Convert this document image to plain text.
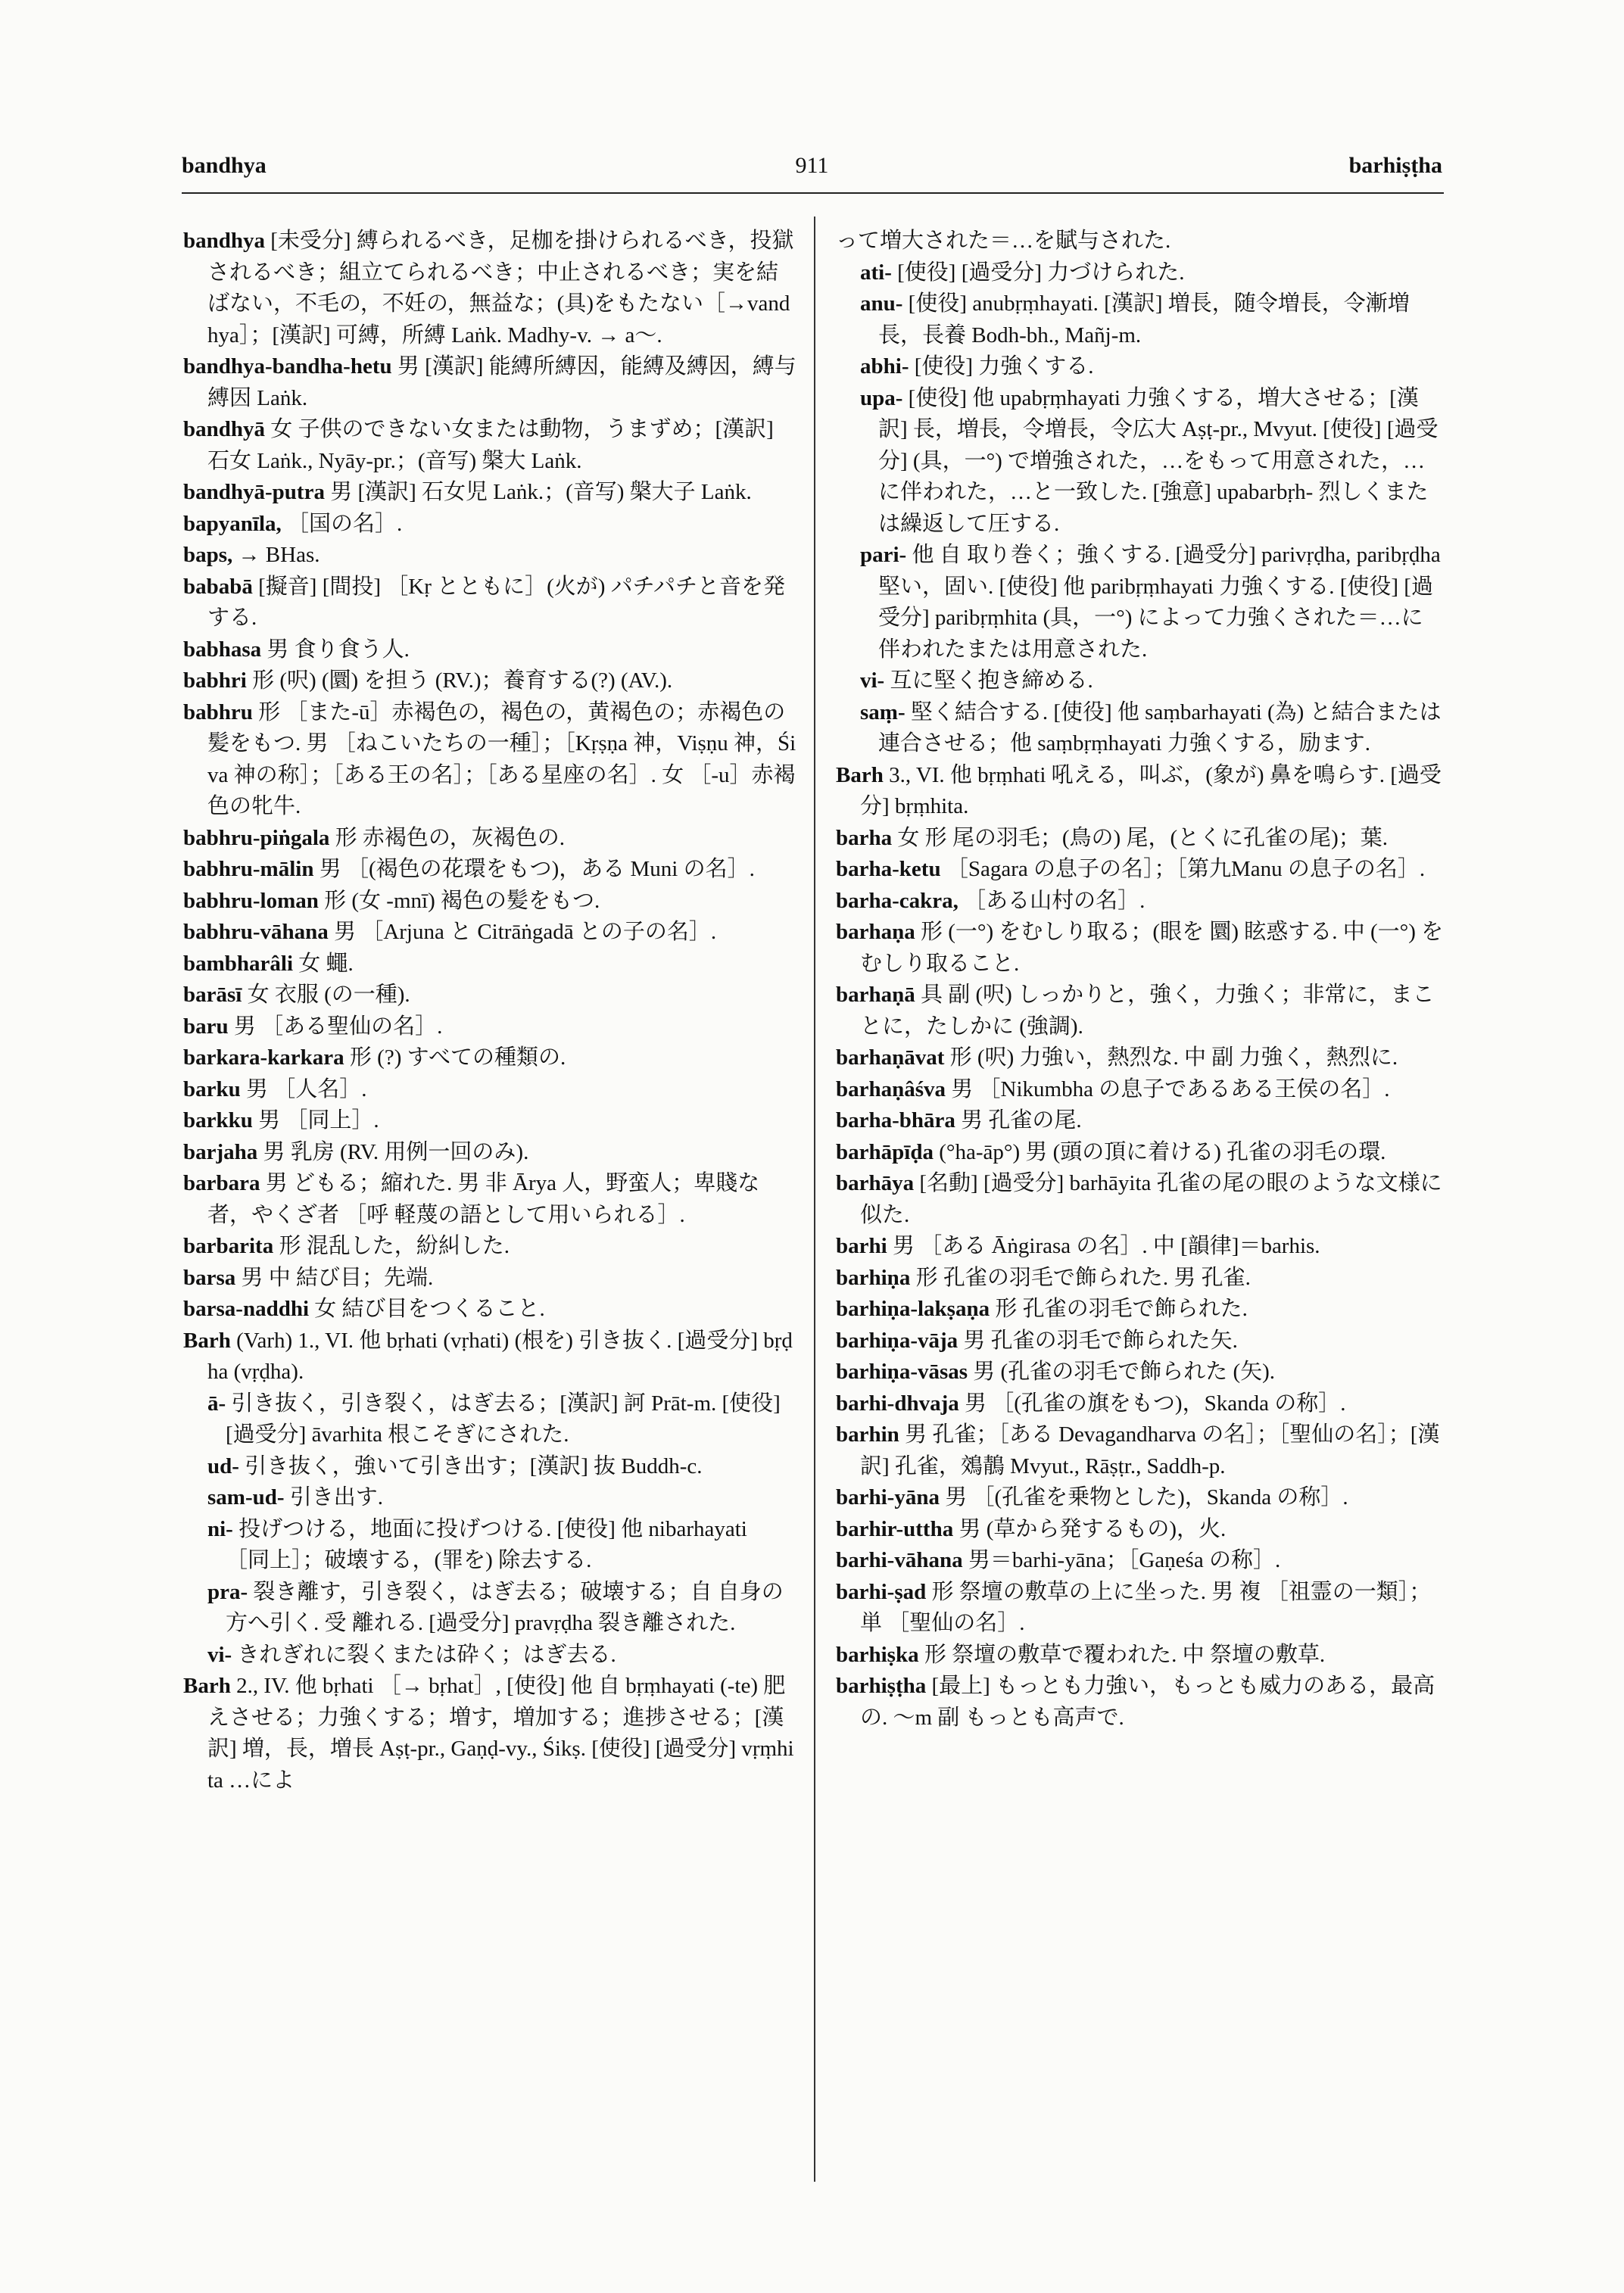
bandhya	911	barhiṣṭha

bandhya [未受分] 縛られるべき，足枷を掛けられるべき，投獄されるべき；組立てられるべき；中止されるべき；実を結ばない，不毛の，不妊の，無益な；(具)をもたない［→vandhya］；[漢訳] 可縛，所縛 Laṅk. Madhy-v. → a～.

bandhya-bandha-hetu 男 [漢訳] 能縛所縛因，能縛及縛因，縛与縛因 Laṅk.

bandhyā 女 子供のできない女または動物，うまずめ；[漢訳] 石女 Laṅk., Nyāy-pr.；(音写) 槃大 Laṅk.

bandhyā-putra 男 [漢訳] 石女児 Laṅk.；(音写) 槃大子 Laṅk.

bapyanīla, ［国の名］.

baps, → BHas.

bababā [擬音] [間投] ［Kṛ とともに］(火が) パチパチと音を発する.

babhasa 男 食り食う人.

babhri 形 (呎) (圜) を担う (RV.)；養育する(?) (AV.).

babhru 形 ［また-ū］赤褐色の，褐色の，黄褐色の；赤褐色の髪をもつ. 男 ［ねこいたちの一種］；［Kṛṣṇa 神，Viṣṇu 神，Śiva 神の称］；［ある王の名］；［ある星座の名］. 女 ［-u］赤褐色の牝牛.

babhru-piṅgala 形 赤褐色の，灰褐色の.

babhru-mālin 男 ［(褐色の花環をもつ)，ある Muni の名］.

babhru-loman 形 (女 -mnī) 褐色の髪をもつ.

babhru-vāhana 男 ［Arjuna と Citrāṅgadā との子の名］.

bambharâli 女 蠅.

barāsī 女 衣服 (の一種).

baru 男 ［ある聖仙の名］.

barkara-karkara 形 (?) すべての種類の.

barku 男 ［人名］.

barkku 男 ［同上］.

barjaha 男 乳房 (RV. 用例一回のみ).

barbara 男 どもる；縮れた. 男 非 Ārya 人，野蛮人；卑賤な者，やくざ者 ［呼 軽蔑の語として用いられる］.

barbarita 形 混乱した，紛糾した.

barsa 男 中 結び目；先端.

barsa-naddhi 女 結び目をつくること.

Barh (Varh) 1., VI. 他 bṛhati (vṛhati) (根を) 引き抜く. [過受分] bṛḍha (vṛḍha).

ā- 引き抜く，引き裂く，はぎ去る；[漢訳] 訶 Prāt-m. [使役] [過受分] āvarhita 根こそぎにされた.

ud- 引き抜く，強いて引き出す；[漢訳] 抜 Buddh-c.

sam-ud- 引き出す.

ni- 投げつける，地面に投げつける. [使役] 他 nibarhayati ［同上］；破壊する，(罪を) 除去する.

pra- 裂き離す，引き裂く，はぎ去る；破壊する；自 自身の方へ引く. 受 離れる. [過受分] pravṛḍha 裂き離された.

vi- きれぎれに裂くまたは砕く；はぎ去る.

Barh 2., IV. 他 bṛhati ［→ bṛhat］, [使役] 他 自 bṛṃhayati (-te) 肥えさせる；力強くする；増す，増加する；進捗させる；[漢訳] 増，長，増長 Aṣṭ-pr., Gaṇḍ-vy., Śikṣ. [使役] [過受分] vṛṃhita …によ

って増大された＝…を賦与された.

ati- [使役] [過受分] 力づけられた.

anu- [使役] anubṛṃhayati. [漢訳] 増長，随令増長，令漸増長，長養 Bodh-bh., Mañj-m.

abhi- [使役] 力強くする.

upa- [使役] 他 upabṛṃhayati 力強くする，増大させる；[漢訳] 長，増長，令増長，令広大 Aṣṭ-pr., Mvyut. [使役] [過受分] (具，一°) で増強された，…をもって用意された，…に伴われた，…と一致した. [強意] upabarbṛh- 烈しくまたは繰返して圧する.

pari- 他 自 取り巻く；強くする. [過受分] parivṛḍha, paribṛḍha 堅い，固い. [使役] 他 paribṛṃhayati 力強くする. [使役] [過受分] paribṛṃhita (具，一°) によって力強くされた＝…に伴われたまたは用意された.

vi- 互に堅く抱き締める.

saṃ- 堅く結合する. [使役] 他 saṃbarhayati (為) と結合または連合させる；他 saṃbṛṃhayati 力強くする，励ます.

Barh 3., VI. 他 bṛṃhati 吼える，叫ぶ，(象が) 鼻を鳴らす. [過受分] bṛṃhita.

barha 女 形 尾の羽毛；(鳥の) 尾，(とくに孔雀の尾)；葉.

barha-ketu ［Sagara の息子の名］；［第九Manu の息子の名］.

barha-cakra, ［ある山村の名］.

barhaṇa 形 (一°) をむしり取る；(眼を 圜) 眩惑する. 中 (一°) をむしり取ること.

barhaṇā 具 副 (呎) しっかりと，強く，力強く；非常に，まことに，たしかに (強調).

barhaṇāvat 形 (呎) 力強い，熱烈な. 中 副 力強く，熱烈に.

barhaṇâśva 男 ［Nikumbha の息子であるある王侯の名］.

barha-bhāra 男 孔雀の尾.

barhāpīḍa (°ha-āp°) 男 (頭の頂に着ける) 孔雀の羽毛の環.

barhāya [名動] [過受分] barhāyita 孔雀の尾の眼のような文様に似た.

barhi 男 ［ある Āṅgirasa の名］. 中 [韻律]＝barhis.

barhiṇa 形 孔雀の羽毛で飾られた. 男 孔雀.

barhiṇa-lakṣaṇa 形 孔雀の羽毛で飾られた.

barhiṇa-vāja 男 孔雀の羽毛で飾られた矢.

barhiṇa-vāsas 男 (孔雀の羽毛で飾られた (矢).

barhi-dhvaja 男 ［(孔雀の旗をもつ)，Skanda の称］.

barhin 男 孔雀；［ある Devagandharva の名］；［聖仙の名］；[漢訳] 孔雀，鵁鶄 Mvyut., Rāṣṭr., Saddh-p.

barhi-yāna 男 ［(孔雀を乗物とした)，Skanda の称］.

barhir-uttha 男 (草から発するもの)，火.

barhi-vāhana 男＝barhi-yāna；［Gaṇeśa の称］.

barhi-ṣad 形 祭壇の敷草の上に坐った. 男 複 ［祖霊の一類］；単 ［聖仙の名］.

barhiṣka 形 祭壇の敷草で覆われた. 中 祭壇の敷草.

barhiṣṭha [最上] もっとも力強い，もっとも威力のある，最高の. ～m 副 もっとも高声で.
